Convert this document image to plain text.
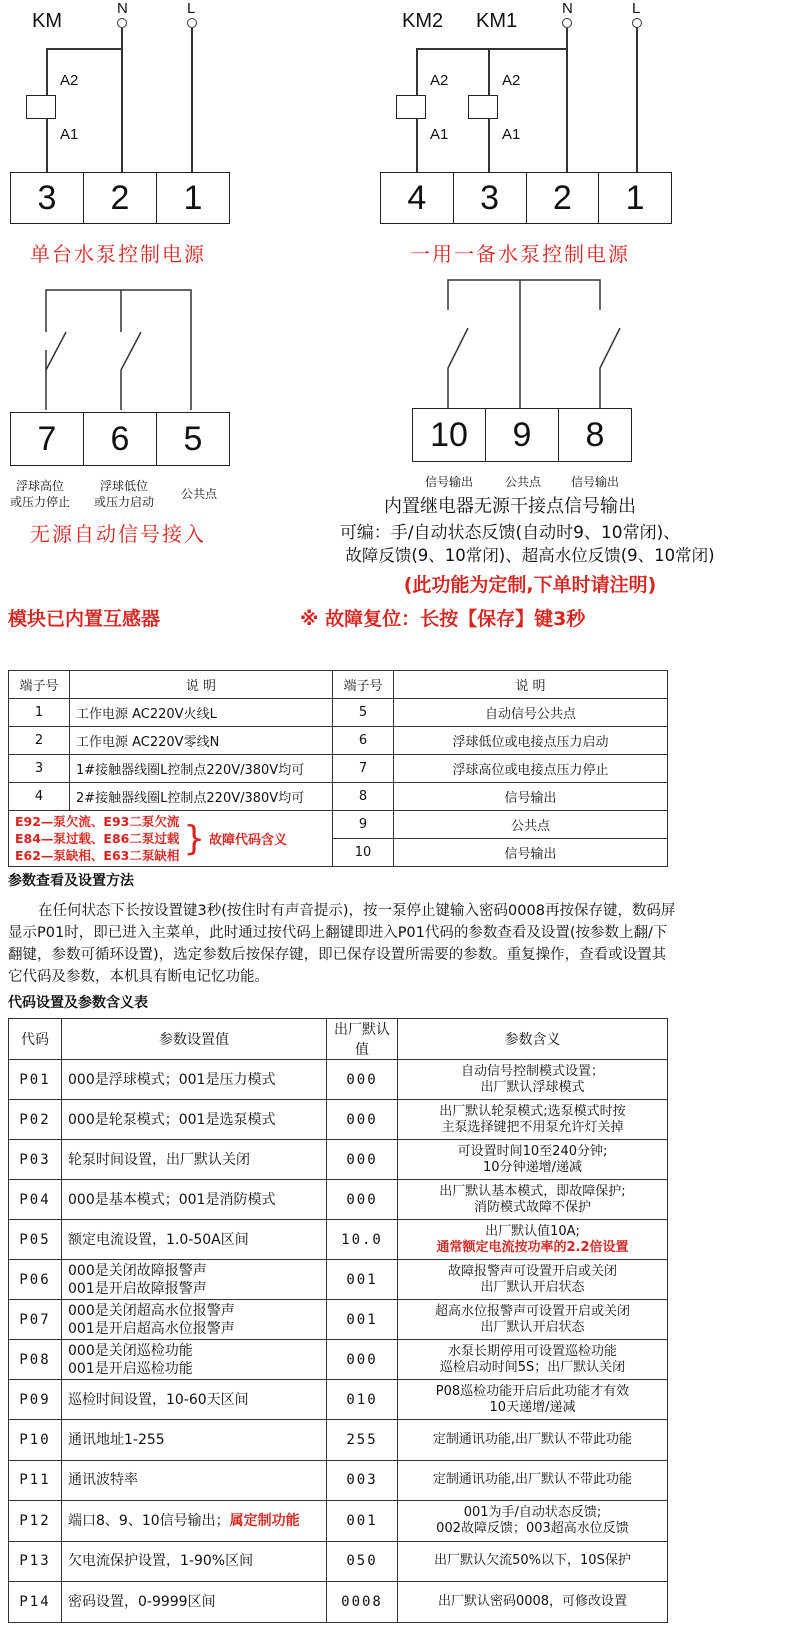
KM
N	L
A2
A1
3	2	1
单台水泵控制电源
KM2 KM1
N	L
A2
A1
A2
A1
4	3	2	1
一用一备水泵控制电源
7	6	5
浮球高位
或压力停止
浮球低位
或压力启动
公共点
无源自动信号接入
10	9	8
信号输出	公共点	信号输出
内置继电器无源干接点信号输出
可编：手/自动状态反馈(自动时9、10常闭)、
故障反馈(9、10常闭)、超高水位反馈(9、10常闭)
(此功能为定制,下单时请注明)
模块已内置互感器	※ 故障复位：长按【保存】键3秒
端子号	说 明	端子号	说 明
1	工作电源 AC220V火线L	5	自动信号公共点
2	工作电源 AC220V零线N	6	浮球低位或电接点压力启动
3	1#接触器线圈L控制点220V/380V均可	7	浮球高位或电接点压力停止
4	2#接触器线圈L控制点220V/380V均可	8	信号输出

E92—泵欠流、E93二泵欠流
E84—泵过载、E86二泵过载
E62—泵缺相、E63二泵缺相 } 故障代码含义		9	公共点
		10	信号输出
参数查看及设置方法
在任何状态下长按设置键3秒(按住时有声音提示)，按一泵停止键输入密码0008再按保存键，数码屏显示P01时，即已进入主菜单，此时通过按代码上翻键即进入P01代码的参数查看及设置(按参数上翻/下翻键，参数可循环设置)，选定参数后按保存键，即已保存设置所需要的参数。重复操作，查看或设置其它代码及参数，本机具有断电记忆功能。
代码设置及参数含义表
代码	参数设置值	出厂默认值	参数含义
P01	000是浮球模式；001是压力模式	000	自动信号控制模式设置；
出厂默认浮球模式
P02	000是轮泵模式；001是选泵模式	000	出厂默认轮泵模式;选泵模式时按
主泵选择键把不用泵允许灯关掉
P03	轮泵时间设置，出厂默认关闭	000	可设置时间10至240分钟;
10分钟递增/递减
P04	000是基本模式；001是消防模式	000	出厂默认基本模式，即故障保护;
消防模式故障不保护
P05	额定电流设置，1.0-50A区间	10.0	出厂默认值10A;
通常额定电流按功率的2.2倍设置

P06	000是关闭故障报警声
001是开启故障报警声	001	故障报警声可设置开启或关闭
出厂默认开启状态
P07	000是关闭超高水位报警声
001是开启超高水位报警声	001	超高水位报警声可设置开启或关闭
出厂默认开启状态
P08	000是关闭巡检功能
001是开启巡检功能	000	水泵长期停用可设置巡检功能
巡检启动时间5S；出厂默认关闭
P09	巡检时间设置，10-60天区间	010	P08巡检功能开启后此功能才有效
10天递增/递减
P10	通讯地址1-255	255	定制通讯功能,出厂默认不带此功能
P11	通讯波特率	003	定制通讯功能,出厂默认不带此功能
P12	端口8、9、10信号输出；属定制功能	001	001为手/自动状态反馈;
002故障反馈；003超高水位反馈
P13	欠电流保护设置，1-90%区间	050	出厂默认欠流50%以下，10S保护
P14	密码设置，0-9999区间	0008	出厂默认密码0008，可修改设置
